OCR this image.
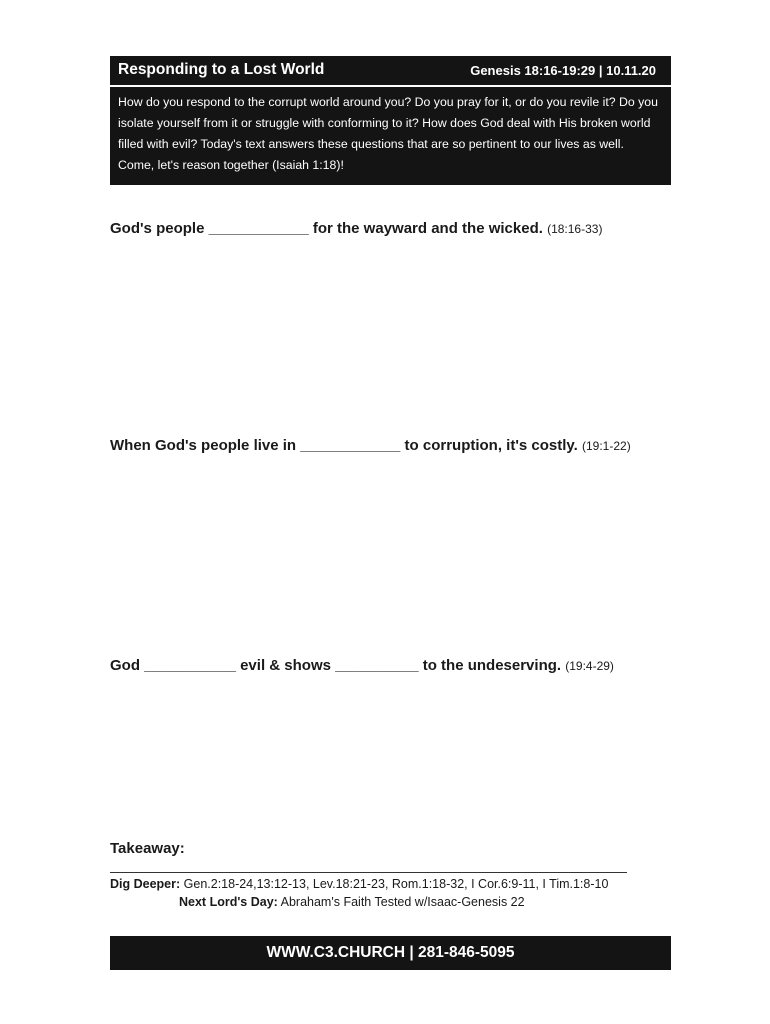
Responding to a Lost World	Genesis 18:16-19:29 | 10.11.20
How do you respond to the corrupt world around you? Do you pray for it, or do you revile it? Do you isolate yourself from it or struggle with conforming to it? How does God deal with His broken world filled with evil? Today's text answers these questions that are so pertinent to our lives as well. Come, let's reason together (Isaiah 1:18)!
God's people ____________ for the wayward and the wicked. (18:16-33)
When God's people live in ____________ to corruption, it's costly. (19:1-22)
God ___________ evil & shows __________ to the undeserving. (19:4-29)
Takeaway:
Dig Deeper: Gen.2:18-24,13:12-13, Lev.18:21-23, Rom.1:18-32, I Cor.6:9-11, I Tim.1:8-10
Next Lord's Day: Abraham's Faith Tested w/Isaac-Genesis 22
WWW.C3.CHURCH | 281-846-5095
